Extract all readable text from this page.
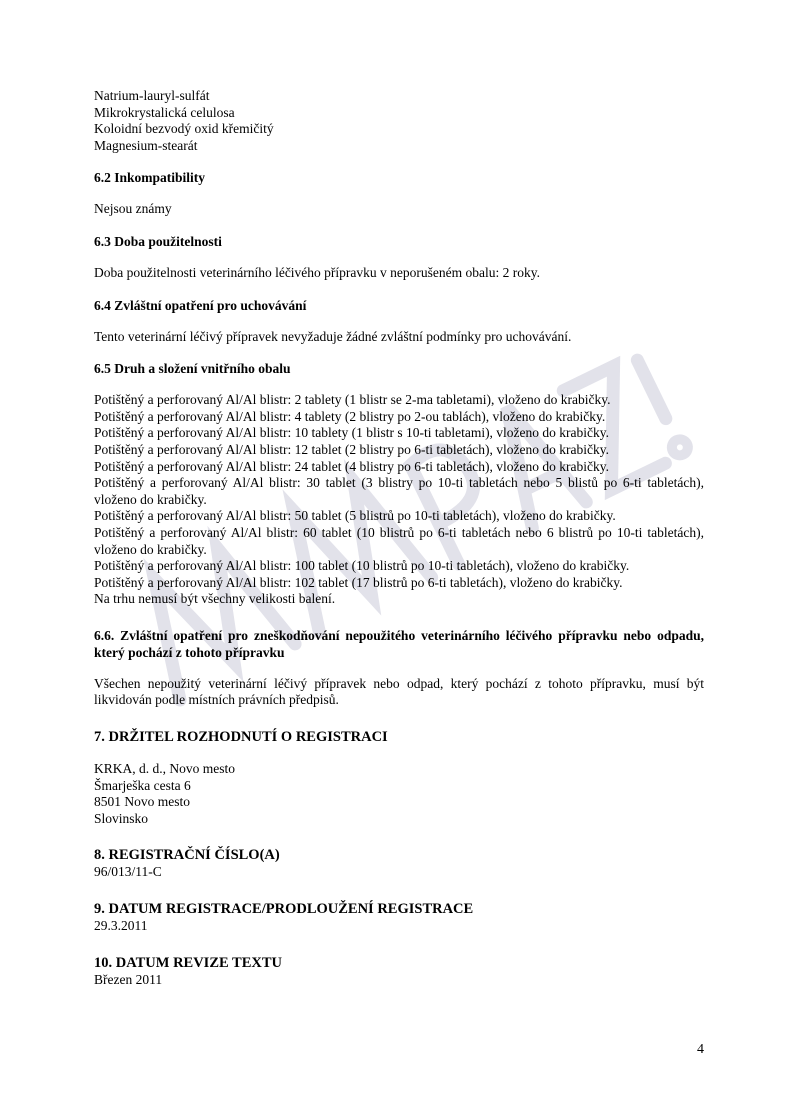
Natrium-lauryl-sulfát
Mikrokrystalická celulosa
Koloidní bezvodý oxid křemičitý
Magnesium-stearát
6.2 Inkompatibility
Nejsou známy
6.3 Doba použitelnosti
Doba použitelnosti veterinárního léčivého přípravku v neporušeném obalu: 2 roky.
6.4 Zvláštní opatření pro uchovávání
Tento veterinární léčivý přípravek nevyžaduje žádné zvláštní podmínky pro uchovávání.
6.5 Druh a složení vnitřního obalu
Potištěný a perforovaný Al/Al blistr: 2 tablety (1 blistr se 2-ma tabletami), vloženo do krabičky.
Potištěný a perforovaný Al/Al blistr: 4 tablety (2 blistry po 2-ou tablách), vloženo do krabičky.
Potištěný a perforovaný Al/Al blistr: 10 tablety (1 blistr s 10-ti tabletami), vloženo do krabičky.
Potištěný a perforovaný Al/Al blistr: 12 tablet (2 blistry po 6-ti tabletách), vloženo do krabičky.
Potištěný a perforovaný Al/Al blistr: 24 tablet (4 blistry po 6-ti tabletách), vloženo do krabičky.
Potištěný a perforovaný Al/Al blistr: 30 tablet (3 blistry po 10-ti tabletách nebo 5 blistů po 6-ti tabletách), vloženo do krabičky.
Potištěný a perforovaný Al/Al blistr: 50 tablet (5 blistrů po 10-ti tabletách), vloženo do krabičky.
Potištěný a perforovaný Al/Al blistr: 60 tablet (10 blistrů po 6-ti tabletách nebo 6 blistrů po 10-ti tabletách), vloženo do krabičky.
Potištěný a perforovaný Al/Al blistr: 100 tablet (10 blistrů po 10-ti tabletách), vloženo do krabičky.
Potištěný a perforovaný Al/Al blistr: 102 tablet (17 blistrů po 6-ti tabletách), vloženo do krabičky.
Na trhu nemusí být všechny velikosti balení.
6.6. Zvláštní opatření pro zneškodňování nepoužitého veterinárního léčivého přípravku nebo odpadu, který pochází z tohoto přípravku
Všechen nepoužitý veterinární léčivý přípravek nebo odpad, který pochází z tohoto přípravku, musí být likvidován podle místních právních předpisů.
7. DRŽITEL ROZHODNUTÍ O REGISTRACI
KRKA, d. d., Novo mesto
Šmarješka cesta 6
8501 Novo mesto
Slovinsko
8. REGISTRAČNÍ ČÍSLO(A)
96/013/11-C
9. DATUM REGISTRACE/PRODLOUŽENÍ REGISTRACE
29.3.2011
10. DATUM REVIZE TEXTU
Březen 2011
4
